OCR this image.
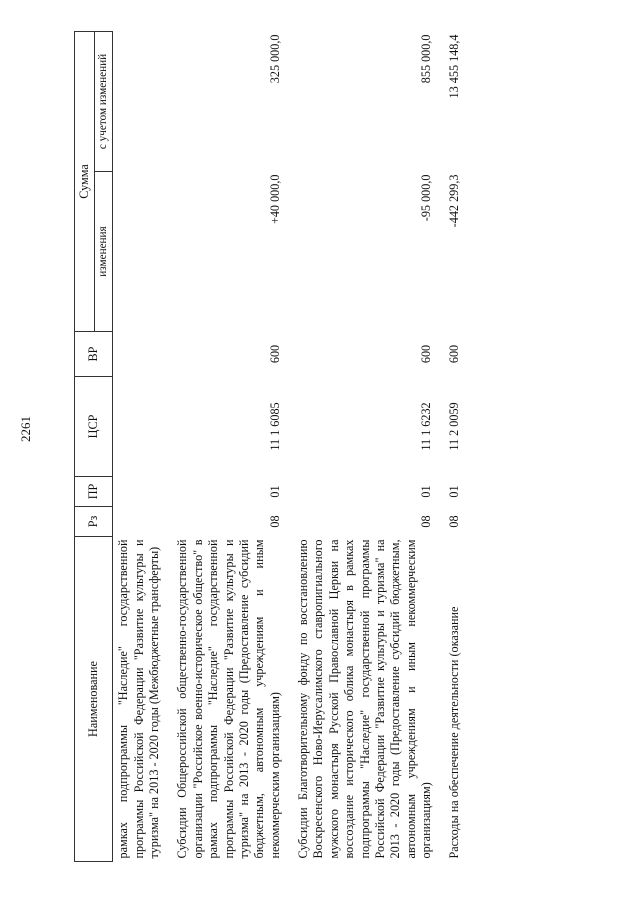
2261
Наименование	Рз	ПР	ЦСР	ВР	Сумма	
					изменения	с учетом изменений
рамках подпрограммы "Наследие" государственной программы Российской Федерации "Развитие культуры и туризма" на 2013 - 2020 годы (Межбюджетные трансферты)						

Субсидии Общероссийской общественно-государственной организации "Российское военно-историческое общество" в рамках подпрограммы "Наследие" государственной программы Российской Федерации "Развитие культуры и туризма" на 2013 - 2020 годы (Предоставление субсидий бюджетным, автономным учреждениям и иным некоммерческим организациям)	08	01	11 1 6085	600	+40 000,0	325 000,0

Субсидии Благотворительному фонду по восстановлению Воскресенского Ново-Иерусалимского ставропигиального мужского монастыря Русской Православной Церкви на воссоздание исторического облика монастыря в рамках подпрограммы "Наследие" государственной программы Российской Федерации "Развитие культуры и туризма" на 2013 - 2020 годы (Предоставление субсидий бюджетным, автономным учреждениям и иным некоммерческим организациям)	08	01	11 1 6232	600	-95 000,0	855 000,0

Расходы на обеспечение деятельности (оказание	08	01	11 2 0059	600	-442 299,3	13 455 148,4
